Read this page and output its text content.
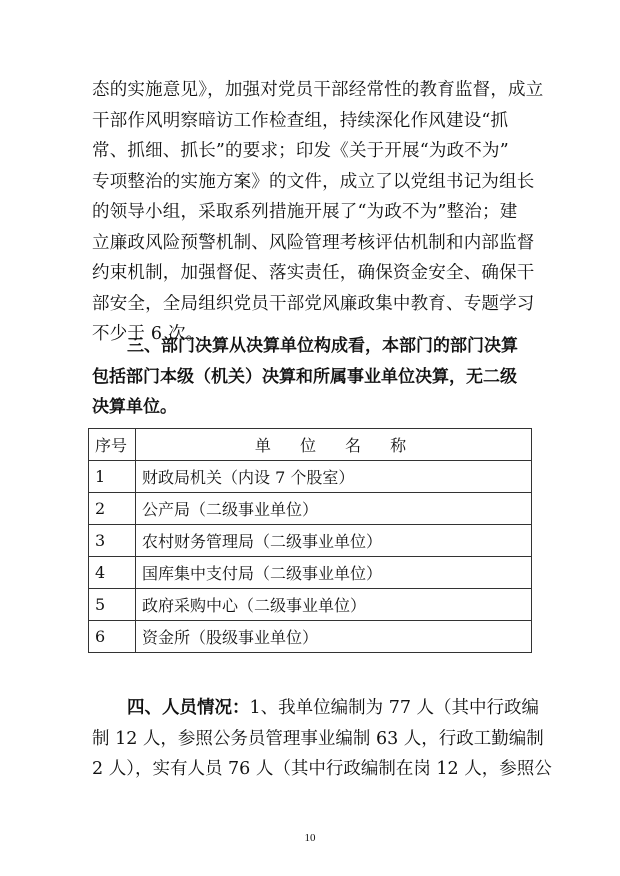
态的实施意见》，加强对党员干部经常性的教育监督，成立
干部作风明察暗访工作检查组，持续深化作风建设“抓
常、抓细、抓长”的要求；印发《关于开展“为政不为”
专项整治的实施方案》的文件，成立了以党组书记为组长
的领导小组，采取系列措施开展了“为政不为”整治；建
立廉政风险预警机制、风险管理考核评估机制和内部监督
约束机制，加强督促、落实责任，确保资金安全、确保干
部安全，全局组织党员干部党风廉政集中教育、专题学习
不少于 6 次。

三、部门决算从决算单位构成看，本部门的部门决算
包括部门本级（机关）决算和所属事业单位决算，无二级
决算单位。

序号	单 位 名 称
1	财政局机关（内设 7 个股室）
2	公产局（二级事业单位）
3	农村财务管理局（二级事业单位）
4	国库集中支付局（二级事业单位）
5	政府采购中心（二级事业单位）
6	资金所（股级事业单位）

四、人员情况：1、我单位编制为 77 人（其中行政编
制 12 人，参照公务员管理事业编制 63 人，行政工勤编制
2 人），实有人员 76 人（其中行政编制在岗 12 人，参照公

10
